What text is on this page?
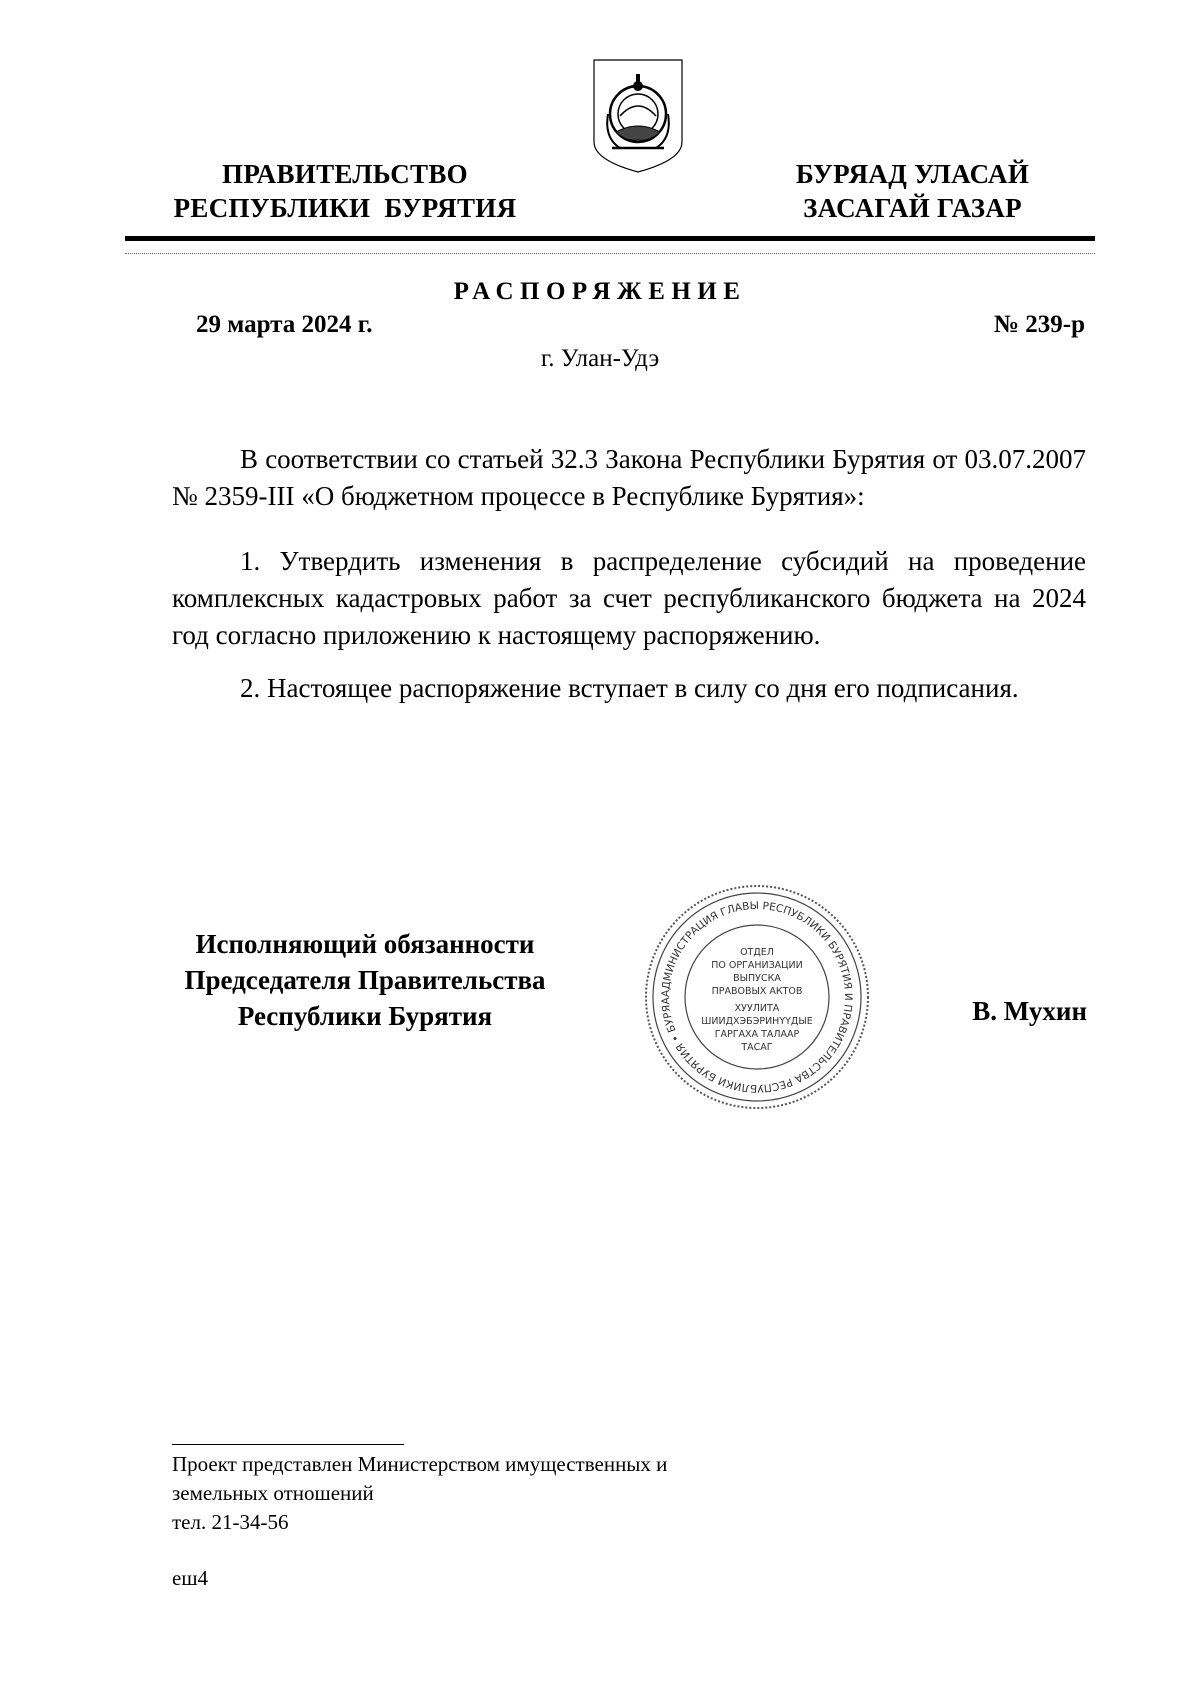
ПРАВИТЕЛЬСТВО
РЕСПУБЛИКИ  БУРЯТИЯ
БУРЯАД УЛАСАЙ
ЗАСАГАЙ ГАЗАР
РАСПОРЯЖЕНИЕ
29 марта 2024 г.	№ 239-р
г. Улан-Удэ
В соответствии со статьей 32.3 Закона Республики Бурятия от 03.07.2007 № 2359-III «О бюджетном процессе в Республике Бурятия»:
1. Утвердить изменения в распределение субсидий на проведение комплексных кадастровых работ за счет республиканского бюджета на 2024 год согласно приложению к настоящему распоряжению.
2. Настоящее распоряжение вступает в силу со дня его подписания.
Исполняющий обязанности
Председателя Правительства
Республики Бурятия
АДМИНИСТРАЦИЯ ГЛАВЫ РЕСПУБЛИКИ БУРЯТИЯ И ПРАВИТЕЛЬСТВА РЕСПУБЛИКИ БУРЯТИЯ • БУРЯА
ОТДЕЛ
ПО ОРГАНИЗАЦИИ
ВЫПУСКА
ПРАВОВЫХ АКТОВ
ХУУЛИТА
ШИИДХЭБЭРИНҮҮДЫЕ
ГАРГАХА ТАЛААР
ТАСАГ
В. Мухин
Проект представлен Министерством имущественных и
земельных отношений
тел. 21-34-56
еш4
